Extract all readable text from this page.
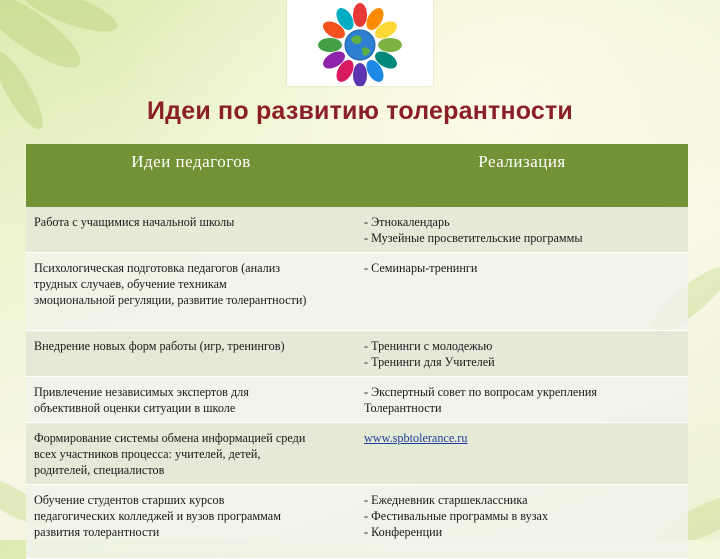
Идеи по развитию толерантности
Идеи педагогов	Реализация

Работа с учащимися начальной школы	- Этнокалендарь
- Музейные просветительские программы

Психологическая подготовка педагогов (анализ
трудных случаев, обучение техникам
эмоциональной регуляции, развитие толерантности)	- Семинары-тренинги

Внедрение новых форм работы (игр, тренингов)	- Тренинги с молодежью
- Тренинги для Учителей

Привлечение независимых экспертов для
объективной оценки ситуации в школе	- Экспертный совет по вопросам укрепления
Толерантности

Формирование системы обмена информацией среди
всех участников процесса: учителей, детей,
родителей, специалистов	www.spbtolerance.ru

Обучение студентов старших курсов
педагогических колледжей и вузов программам
развития толерантности	- Ежедневник старшеклассника
- Фестивальные программы в вузах
- Конференции
